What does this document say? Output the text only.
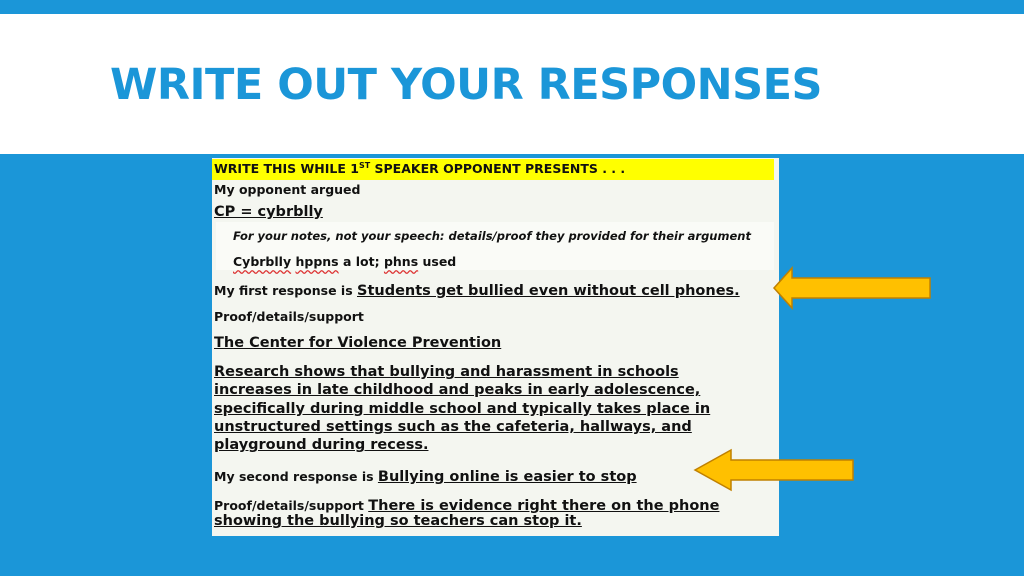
WRITE OUT YOUR RESPONSES
WRITE THIS WHILE 1ST SPEAKER OPPONENT PRESENTS . . .
My opponent argued
CP = cybrblly
For your notes, not your speech: details/proof they provided for their argument
Cybrblly hppns a lot; phns used
My first response is Students get bullied even without cell phones.
Proof/details/support
The Center for Violence Prevention
Research shows that bullying and harassment in schools
increases in late childhood and peaks in early adolescence,
specifically during middle school and typically takes place in
unstructured settings such as the cafeteria, hallways, and
playground during recess.
My second response is Bullying online is easier to stop
Proof/details/support There is evidence right there on the phone
showing the bullying so teachers can stop it.
